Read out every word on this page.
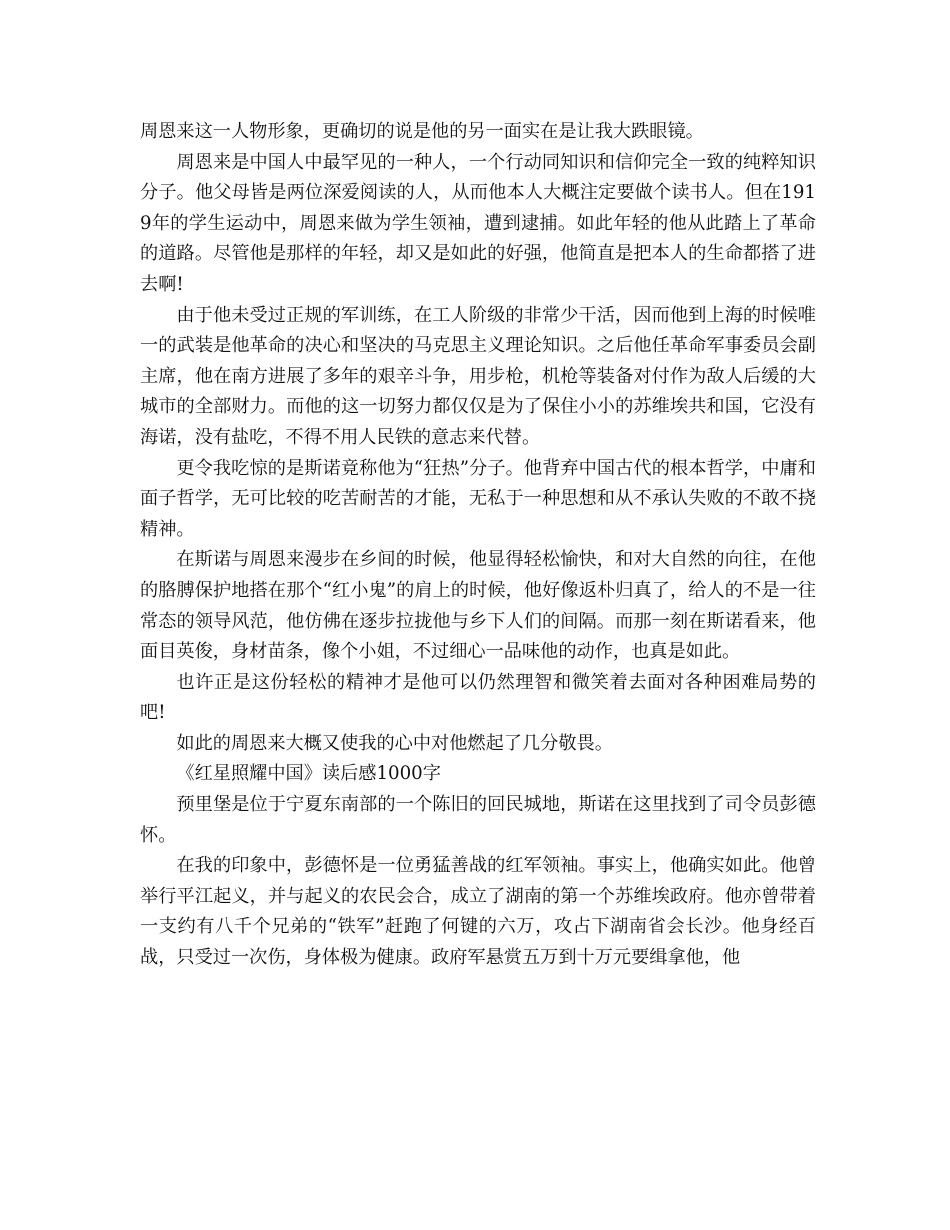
周恩来这一人物形象，更确切的说是他的另一面实在是让我大跌眼镜。

周恩来是中国人中最罕见的一种人，一个行动同知识和信仰完全一致的纯粹知识分子。他父母皆是两位深爱阅读的人，从而他本人大概注定要做个读书人。但在1919年的学生运动中，周恩来做为学生领袖，遭到逮捕。如此年轻的他从此踏上了革命的道路。尽管他是那样的年轻，却又是如此的好强，他简直是把本人的生命都搭了进去啊!

由于他未受过正规的军训练，在工人阶级的非常少干活，因而他到上海的时候唯一的武装是他革命的决心和坚决的马克思主义理论知识。之后他任革命军事委员会副主席，他在南方进展了多年的艰辛斗争，用步枪，机枪等装备对付作为敌人后缓的大城市的全部财力。而他的这一切努力都仅仅是为了保住小小的苏维埃共和国，它没有海诺，没有盐吃，不得不用人民铁的意志来代替。

更令我吃惊的是斯诺竟称他为“狂热”分子。他背弃中国古代的根本哲学，中庸和面子哲学，无可比较的吃苦耐苦的才能，无私于一种思想和从不承认失败的不敢不挠精神。

在斯诺与周恩来漫步在乡间的时候，他显得轻松愉快，和对大自然的向往，在他的胳膊保护地搭在那个“红小鬼”的肩上的时候，他好像返朴归真了，给人的不是一往常态的领导风范，他仿佛在逐步拉拢他与乡下人们的间隔。而那一刻在斯诺看来，他面目英俊，身材苗条，像个小姐，不过细心一品味他的动作，也真是如此。

也许正是这份轻松的精神才是他可以仍然理智和微笑着去面对各种困难局势的吧!

如此的周恩来大概又使我的心中对他燃起了几分敬畏。

《红星照耀中国》读后感1000字

预里堡是位于宁夏东南部的一个陈旧的回民城地，斯诺在这里找到了司令员彭德怀。

在我的印象中，彭德怀是一位勇猛善战的红军领袖。事实上，他确实如此。他曾举行平江起义，并与起义的农民会合，成立了湖南的第一个苏维埃政府。他亦曾带着一支约有八千个兄弟的“铁军”赶跑了何键的六万，攻占下湖南省会长沙。他身经百战，只受过一次伤，身体极为健康。政府军悬赏五万到十万元要缉拿他，他
